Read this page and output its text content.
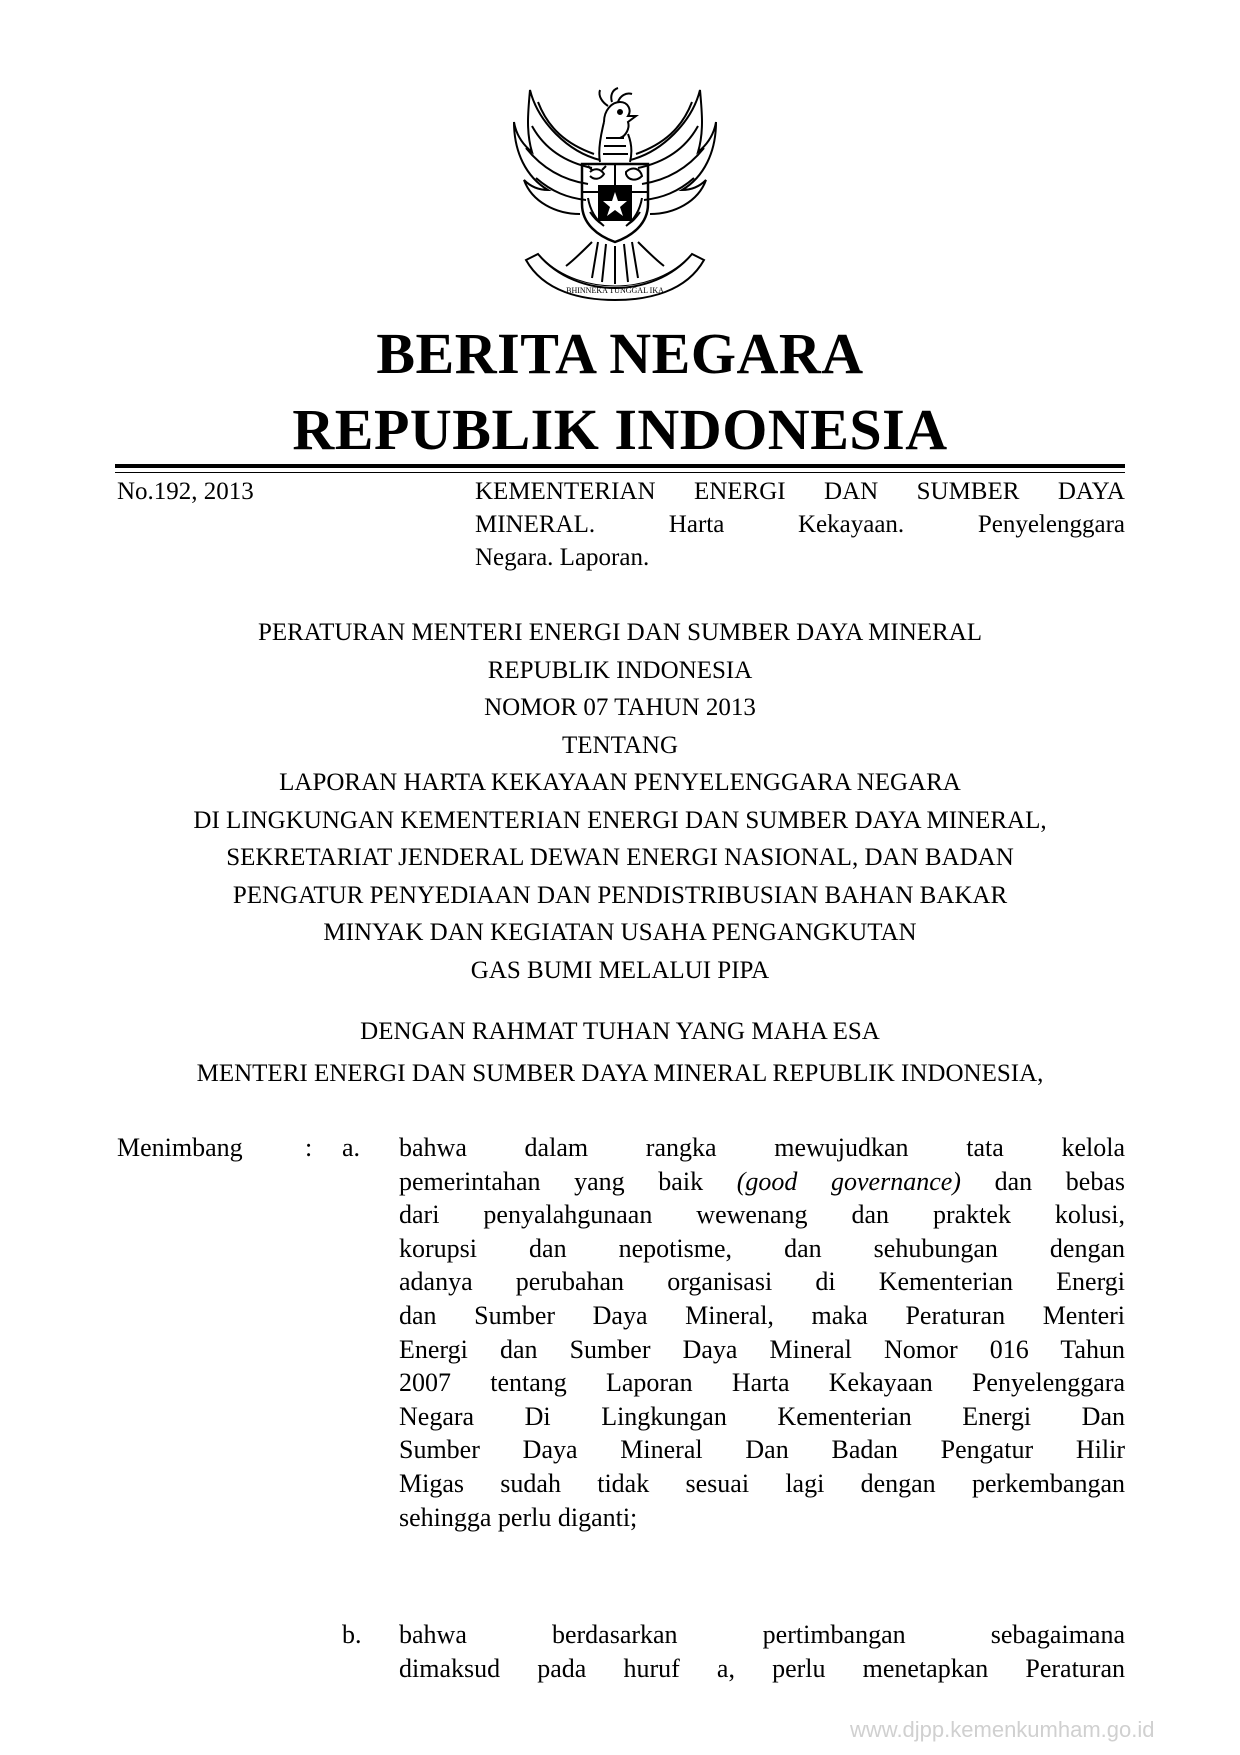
BHINNEKA TUNGGAL IKA
BERITA NEGARA
REPUBLIK INDONESIA
No.192, 2013	KEMENTERIAN ENERGI DAN SUMBER DAYA
MINERAL. Harta Kekayaan. Penyelenggara
Negara. Laporan.
PERATURAN MENTERI ENERGI DAN SUMBER DAYA MINERAL
REPUBLIK INDONESIA
NOMOR 07 TAHUN 2013
TENTANG
LAPORAN HARTA KEKAYAAN PENYELENGGARA NEGARA
DI LINGKUNGAN KEMENTERIAN ENERGI DAN SUMBER DAYA MINERAL,
SEKRETARIAT JENDERAL DEWAN ENERGI NASIONAL, DAN BADAN
PENGATUR PENYEDIAAN DAN PENDISTRIBUSIAN BAHAN BAKAR
MINYAK DAN KEGIATAN USAHA PENGANGKUTAN
GAS BUMI MELALUI PIPA
DENGAN RAHMAT TUHAN YANG MAHA ESA
MENTERI ENERGI DAN SUMBER DAYA MINERAL REPUBLIK INDONESIA,
Menimbang : a. bahwa dalam rangka mewujudkan tata kelola
pemerintahan yang baik (good governance) dan bebas
dari penyalahgunaan wewenang dan praktek kolusi,
korupsi dan nepotisme, dan sehubungan dengan
adanya perubahan organisasi di Kementerian Energi
dan Sumber Daya Mineral, maka Peraturan Menteri
Energi dan Sumber Daya Mineral Nomor 016 Tahun
2007 tentang Laporan Harta Kekayaan Penyelenggara
Negara Di Lingkungan Kementerian Energi Dan
Sumber Daya Mineral Dan Badan Pengatur Hilir
Migas sudah tidak sesuai lagi dengan perkembangan
sehingga perlu diganti;
b. bahwa berdasarkan pertimbangan sebagaimana
dimaksud pada huruf a, perlu menetapkan Peraturan
www.djpp.kemenkumham.go.id
